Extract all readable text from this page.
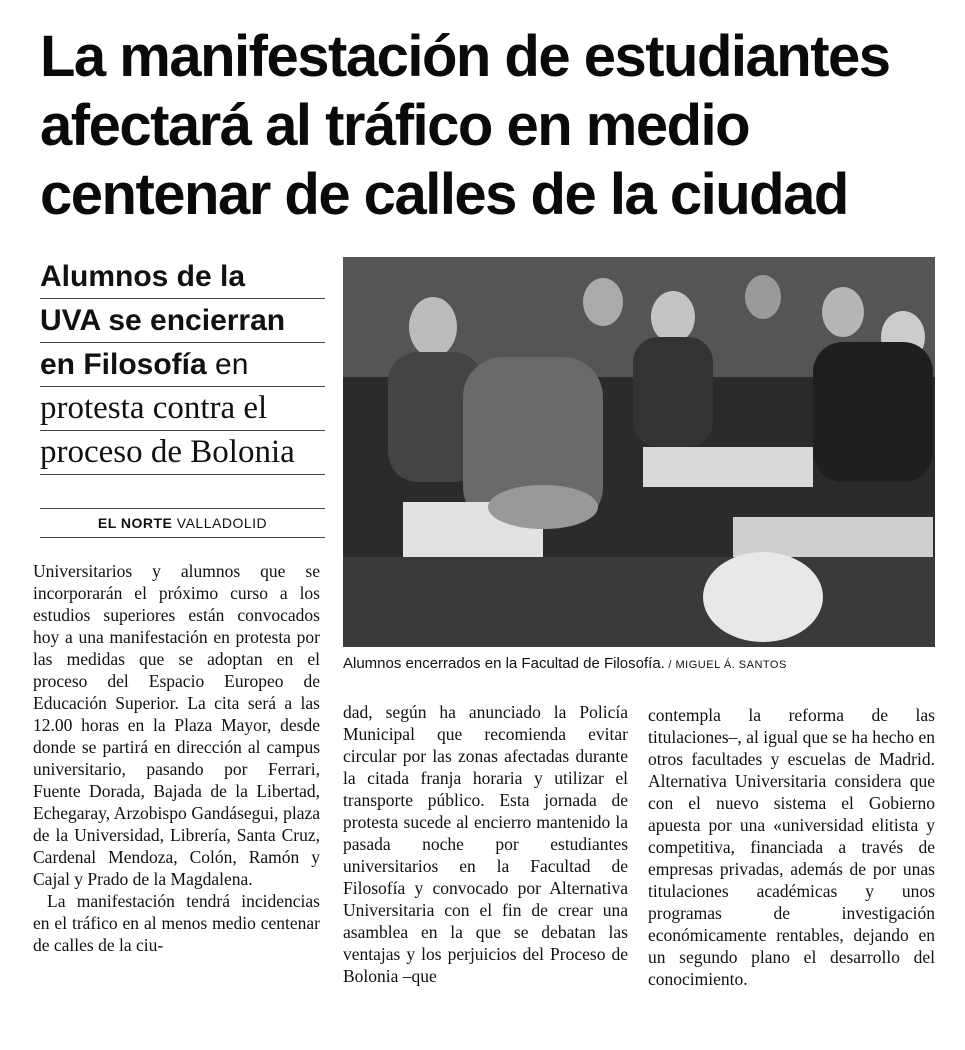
La manifestación de estudiantes
afectará al tráfico en medio
centenar de calles de la ciudad
Alumnos de la
UVA se encierran
en Filosofía en
protesta contra el
proceso de Bolonia
EL NORTE VALLADOLID
Alumnos encerrados en la Facultad de Filosofía. / MIGUEL Á. SANTOS

Universitarios y alumnos que se incorporarán el próximo curso a los estudios superiores están convocados hoy a una manifestación en protesta por las medidas que se adoptan en el proceso del Espacio Europeo de Educación Superior. La cita será a las 12.00 horas en la Plaza Mayor, desde donde se partirá en dirección al campus universitario, pasando por Ferrari, Fuente Dorada, Bajada de la Libertad, Echegaray, Arzobispo Gandásegui, plaza de la Universidad, Librería, Santa Cruz, Cardenal Mendoza, Colón, Ramón y Cajal y Prado de la Magdalena.

La manifestación tendrá incidencias en el tráfico en al menos medio centenar de calles de la ciu-

dad, según ha anunciado la Policía Municipal que recomienda evitar circular por las zonas afectadas durante la citada franja horaria y utilizar el transporte público. Esta jornada de protesta sucede al encierro mantenido la pasada noche por estudiantes universitarios en la Facultad de Filosofía y convocado por Alternativa Universitaria con el fin de crear una asamblea en la que se debatan las ventajas y los perjuicios del Proceso de Bolonia –que

contempla la reforma de las titulaciones–, al igual que se ha hecho en otros facultades y escuelas de Madrid. Alternativa Universitaria considera que con el nuevo sistema el Gobierno apuesta por una «universidad elitista y competitiva, financiada a través de empresas privadas, además de por unas titulaciones académicas y unos programas de investigación económicamente rentables, dejando en un segundo plano el desarrollo del conocimiento.
